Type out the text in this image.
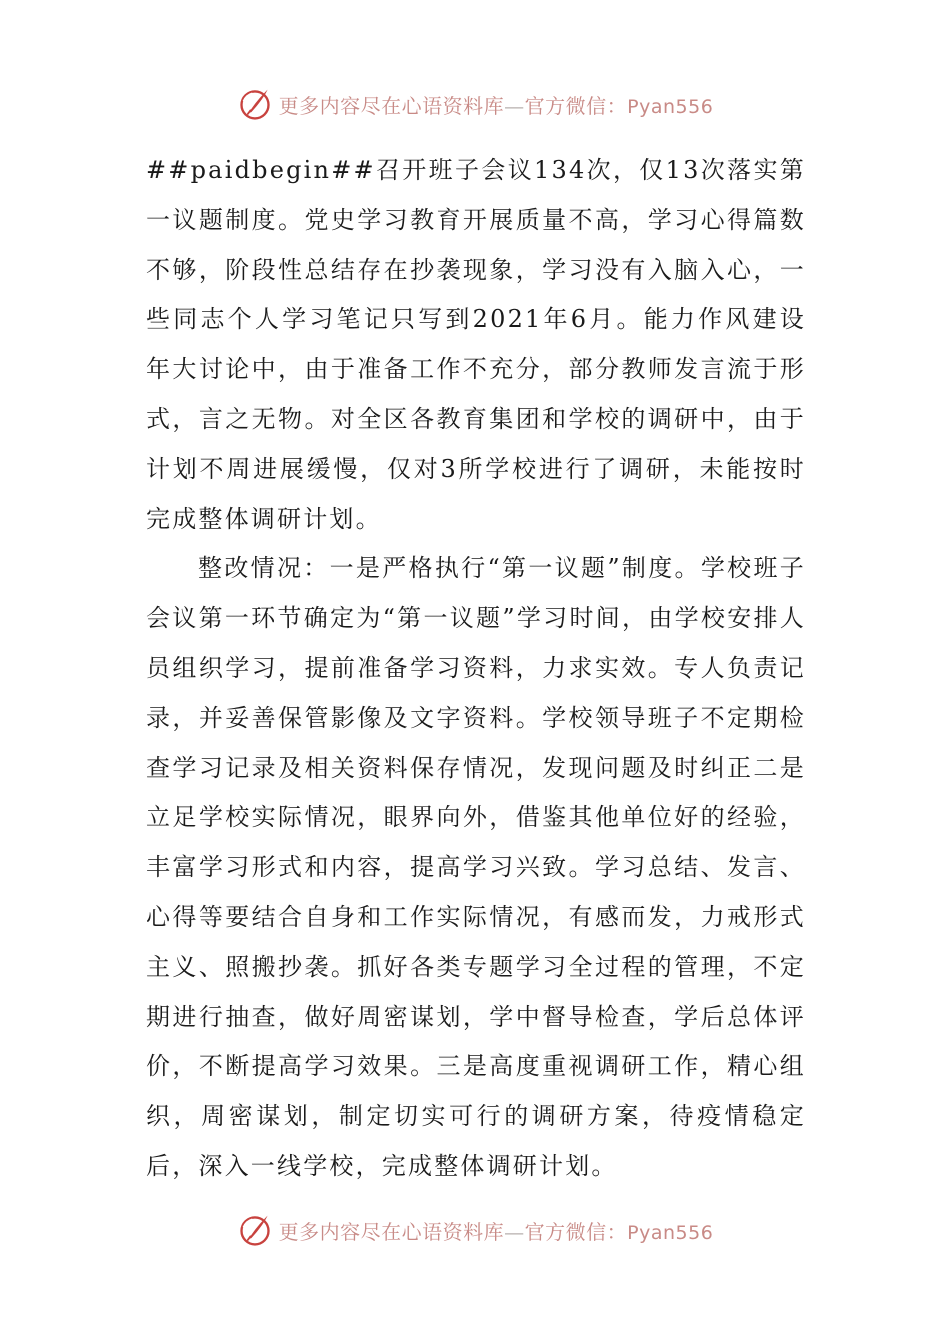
更多内容尽在心语资料库—官方微信：Pyan556

##paidbegin##召开班子会议134次，仅13次落实第一议题制度。党史学习教育开展质量不高，学习心得篇数不够，阶段性总结存在抄袭现象，学习没有入脑入心，一些同志个人学习笔记只写到2021年6月。能力作风建设年大讨论中，由于准备工作不充分，部分教师发言流于形式，言之无物。对全区各教育集团和学校的调研中，由于计划不周进展缓慢，仅对3所学校进行了调研，未能按时完成整体调研计划。

整改情况：一是严格执行“第一议题”制度。学校班子会议第一环节确定为“第一议题”学习时间，由学校安排人员组织学习，提前准备学习资料，力求实效。专人负责记录，并妥善保管影像及文字资料。学校领导班子不定期检查学习记录及相关资料保存情况，发现问题及时纠正二是立足学校实际情况，眼界向外，借鉴其他单位好的经验，丰富学习形式和内容，提高学习兴致。学习总结、发言、心得等要结合自身和工作实际情况，有感而发，力戒形式主义、照搬抄袭。抓好各类专题学习全过程的管理，不定期进行抽查，做好周密谋划，学中督导检查，学后总体评价，不断提高学习效果。三是高度重视调研工作，精心组织，周密谋划，制定切实可行的调研方案，待疫情稳定后，深入一线学校，完成整体调研计划。

更多内容尽在心语资料库—官方微信：Pyan556
